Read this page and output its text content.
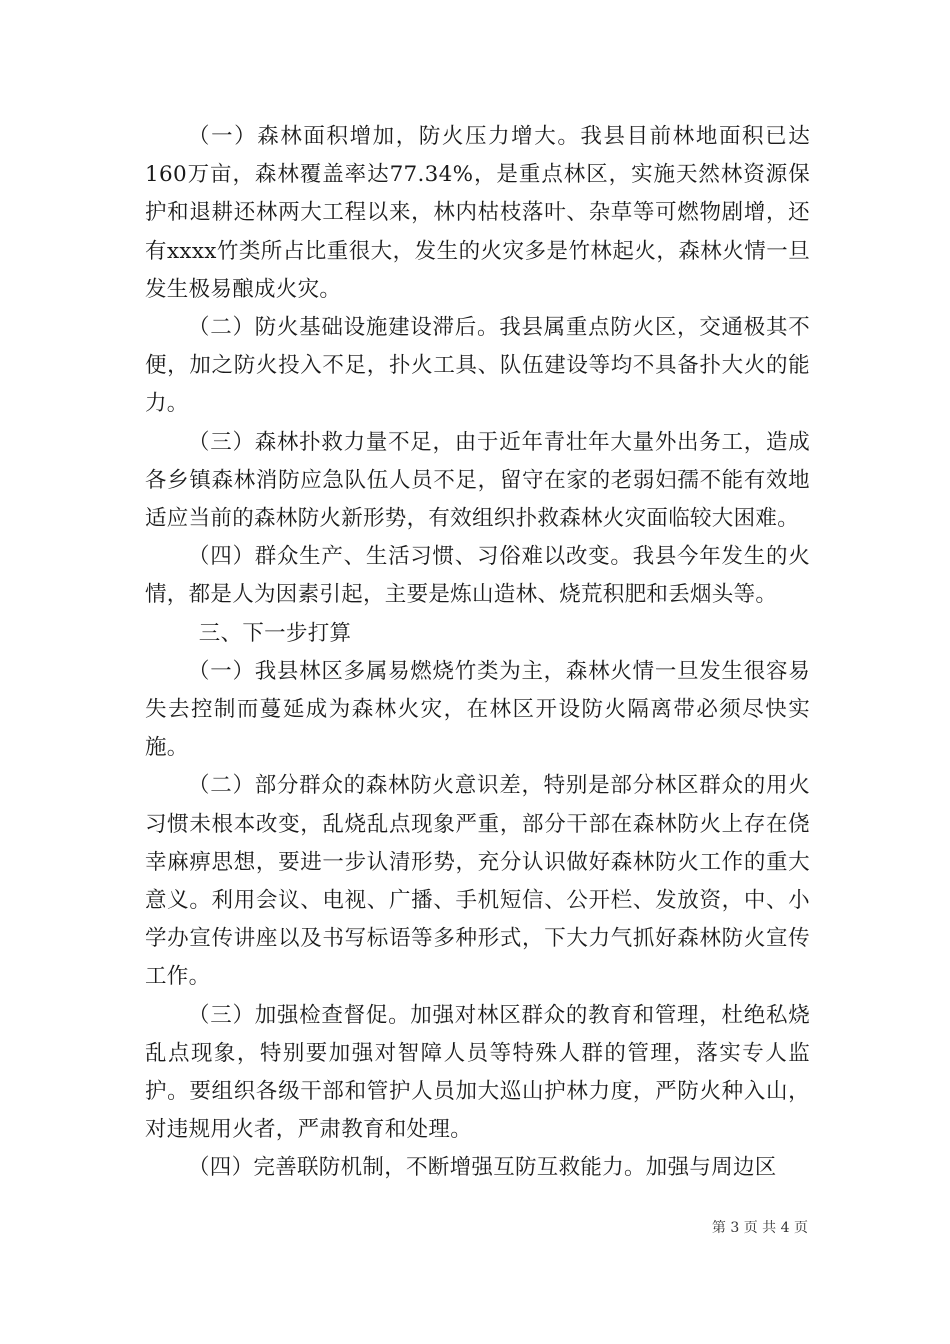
（一）森林面积增加，防火压力增大。我县目前林地面积已达160万亩，森林覆盖率达77.34%，是重点林区，实施天然林资源保护和退耕还林两大工程以来，林内枯枝落叶、杂草等可燃物剧增，还有xxxx竹类所占比重很大，发生的火灾多是竹林起火，森林火情一旦发生极易酿成火灾。

（二）防火基础设施建设滞后。我县属重点防火区，交通极其不便，加之防火投入不足，扑火工具、队伍建设等均不具备扑大火的能力。

（三）森林扑救力量不足，由于近年青壮年大量外出务工，造成各乡镇森林消防应急队伍人员不足，留守在家的老弱妇孺不能有效地适应当前的森林防火新形势，有效组织扑救森林火灾面临较大困难。

（四）群众生产、生活习惯、习俗难以改变。我县今年发生的火情，都是人为因素引起，主要是炼山造林、烧荒积肥和丢烟头等。

三、下一步打算

（一）我县林区多属易燃烧竹类为主，森林火情一旦发生很容易失去控制而蔓延成为森林火灾，在林区开设防火隔离带必须尽快实施。

（二）部分群众的森林防火意识差，特别是部分林区群众的用火习惯未根本改变，乱烧乱点现象严重，部分干部在森林防火上存在侥幸麻痹思想，要进一步认清形势，充分认识做好森林防火工作的重大意义。利用会议、电视、广播、手机短信、公开栏、发放资，中、小学办宣传讲座以及书写标语等多种形式，下大力气抓好森林防火宣传工作。

（三）加强检查督促。加强对林区群众的教育和管理，杜绝私烧乱点现象，特别要加强对智障人员等特殊人群的管理，落实专人监护。要组织各级干部和管护人员加大巡山护林力度，严防火种入山，对违规用火者，严肃教育和处理。

（四）完善联防机制，不断增强互防互救能力。加强与周边区

第 3 页 共 4 页
